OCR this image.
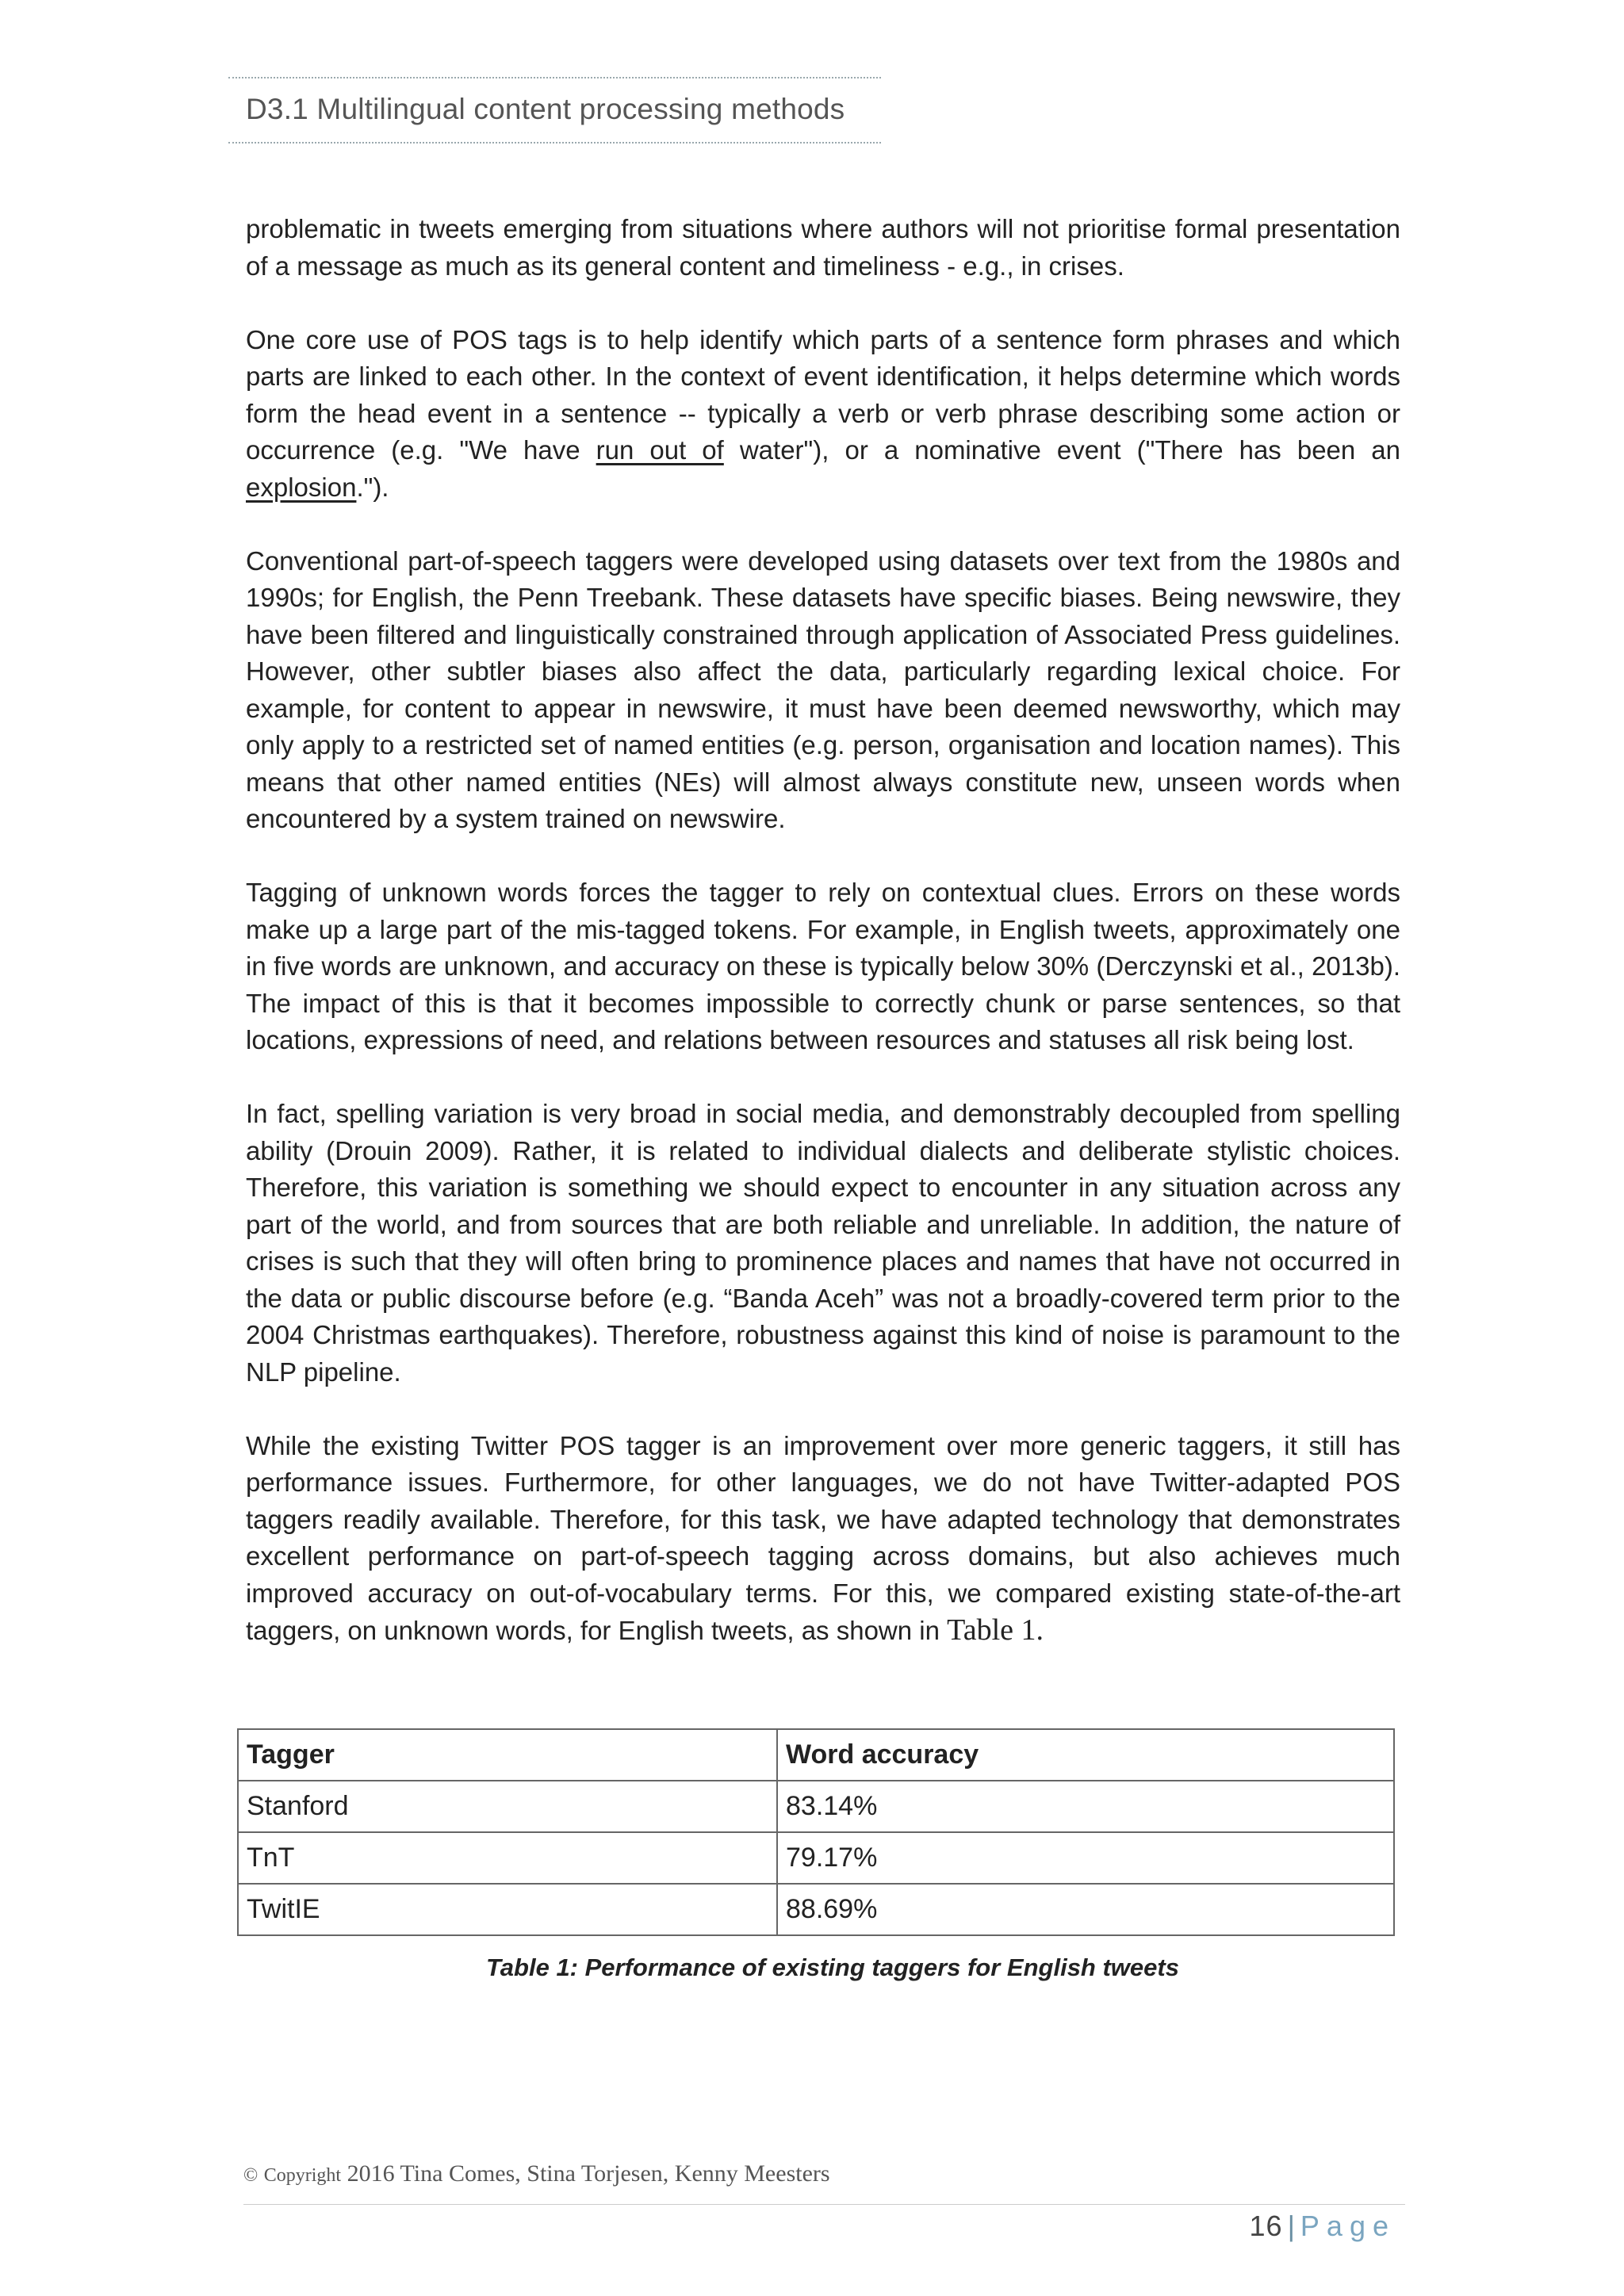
D3.1 Multilingual content processing methods

problematic in tweets emerging from situations where authors will not prioritise formal presentation of a message as much as its general content and timeliness - e.g., in crises.

One core use of POS tags is to help identify which parts of a sentence form phrases and which parts are linked to each other. In the context of event identification, it helps determine which words form the head event in a sentence -- typically a verb or verb phrase describing some action or occurrence (e.g. "We have run out of water"), or a nominative event ("There has been an explosion.").

Conventional part-of-speech taggers were developed using datasets over text from the 1980s and 1990s; for English, the Penn Treebank. These datasets have specific biases. Being newswire, they have been filtered and linguistically constrained through application of Associated Press guidelines. However, other subtler biases also affect the data, particularly regarding lexical choice. For example, for content to appear in newswire, it must have been deemed newsworthy, which may only apply to a restricted set of named entities (e.g. person, organisation and location names). This means that other named entities (NEs) will almost always constitute new, unseen words when encountered by a system trained on newswire.

Tagging of unknown words forces the tagger to rely on contextual clues. Errors on these words make up a large part of the mis-tagged tokens. For example, in English tweets, approximately one in five words are unknown, and accuracy on these is typically below 30% (Derczynski et al., 2013b). The impact of this is that it becomes impossible to correctly chunk or parse sentences, so that locations, expressions of need, and relations between resources and statuses all risk being lost.

In fact, spelling variation is very broad in social media, and demonstrably decoupled from spelling ability (Drouin 2009). Rather, it is related to individual dialects and deliberate stylistic choices. Therefore, this variation is something we should expect to encounter in any situation across any part of the world, and from sources that are both reliable and unreliable. In addition, the nature of crises is such that they will often bring to prominence places and names that have not occurred in the data or public discourse before (e.g. “Banda Aceh” was not a broadly-covered term prior to the 2004 Christmas earthquakes). Therefore, robustness against this kind of noise is paramount to the NLP pipeline.

While the existing Twitter POS tagger is an improvement over more generic taggers, it still has performance issues. Furthermore, for other languages, we do not have Twitter-adapted POS taggers readily available. Therefore, for this task, we have adapted technology that demonstrates excellent performance on part-of-speech tagging across domains, but also achieves much improved accuracy on out-of-vocabulary terms. For this, we compared existing state-of-the-art taggers, on unknown words, for English tweets, as shown in Table 1.

Tagger	Word accuracy
Stanford	83.14%
TnT	79.17%
TwitIE	88.69%
Table 1: Performance of existing taggers for English tweets
© Copyright 2016 Tina Comes, Stina Torjesen, Kenny Meesters
16 | Page
